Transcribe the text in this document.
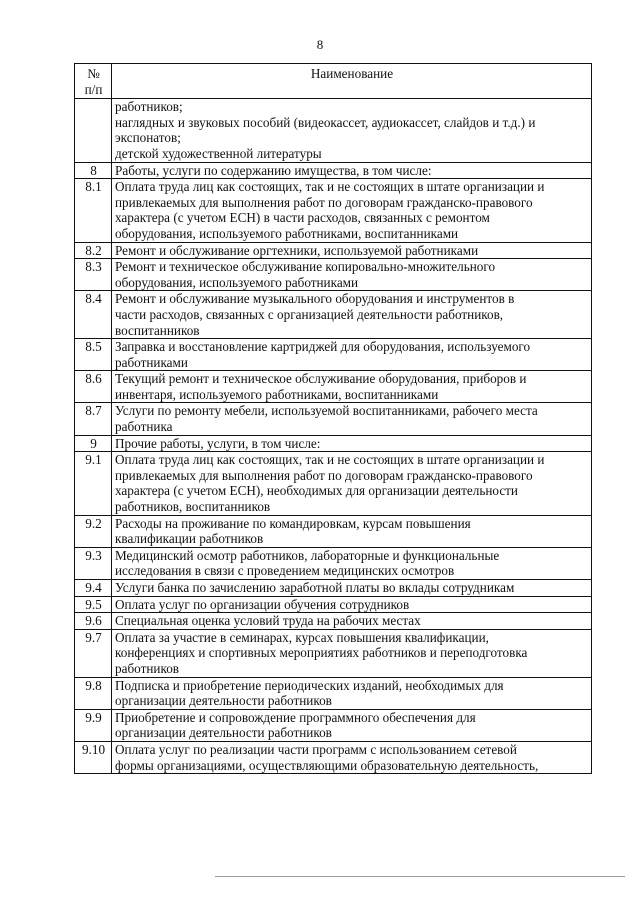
8
№
п/п	Наименование

	работников;
наглядных и звуковых пособий (видеокассет, аудиокассет, слайдов и т.д.) и
экспонатов;
детской художественной литературы

8	Работы, услуги по содержанию имущества, в том числе:

8.1	Оплата труда лиц как состоящих, так и не состоящих в штате организации и
привлекаемых для выполнения работ по договорам гражданско-правового
характера (с учетом ЕСН) в части расходов, связанных с ремонтом
оборудования, используемого работниками, воспитанниками

8.2	Ремонт и обслуживание оргтехники, используемой работниками

8.3	Ремонт и техническое обслуживание копировально-множительного
оборудования, используемого работниками

8.4	Ремонт и обслуживание музыкального оборудования и инструментов в
части расходов, связанных с организацией деятельности работников,
воспитанников

8.5	Заправка и восстановление картриджей для оборудования, используемого
работниками

8.6	Текущий ремонт и техническое обслуживание оборудования, приборов и
инвентаря, используемого работниками, воспитанниками

8.7	Услуги по ремонту мебели, используемой воспитанниками, рабочего места
работника

9	Прочие работы, услуги, в том числе:

9.1	Оплата труда лиц как состоящих, так и не состоящих в штате организации и
привлекаемых для выполнения работ по договорам гражданско-правового
характера (с учетом ЕСН), необходимых для организации деятельности
работников, воспитанников

9.2	Расходы на проживание по командировкам, курсам повышения
квалификации работников

9.3	Медицинский осмотр работников, лабораторные и функциональные
исследования в связи с проведением медицинских осмотров

9.4	Услуги банка по зачислению заработной платы во вклады сотрудникам

9.5	Оплата услуг по организации обучения сотрудников

9.6	Специальная оценка условий труда на рабочих местах

9.7	Оплата за участие в семинарах, курсах повышения квалификации,
конференциях и спортивных мероприятиях работников и переподготовка
работников

9.8	Подписка и приобретение периодических изданий, необходимых для
организации деятельности работников

9.9	Приобретение и сопровождение программного обеспечения для
организации деятельности работников

9.10	Оплата услуг по реализации части программ с использованием сетевой
формы организациями, осуществляющими образовательную деятельность,
